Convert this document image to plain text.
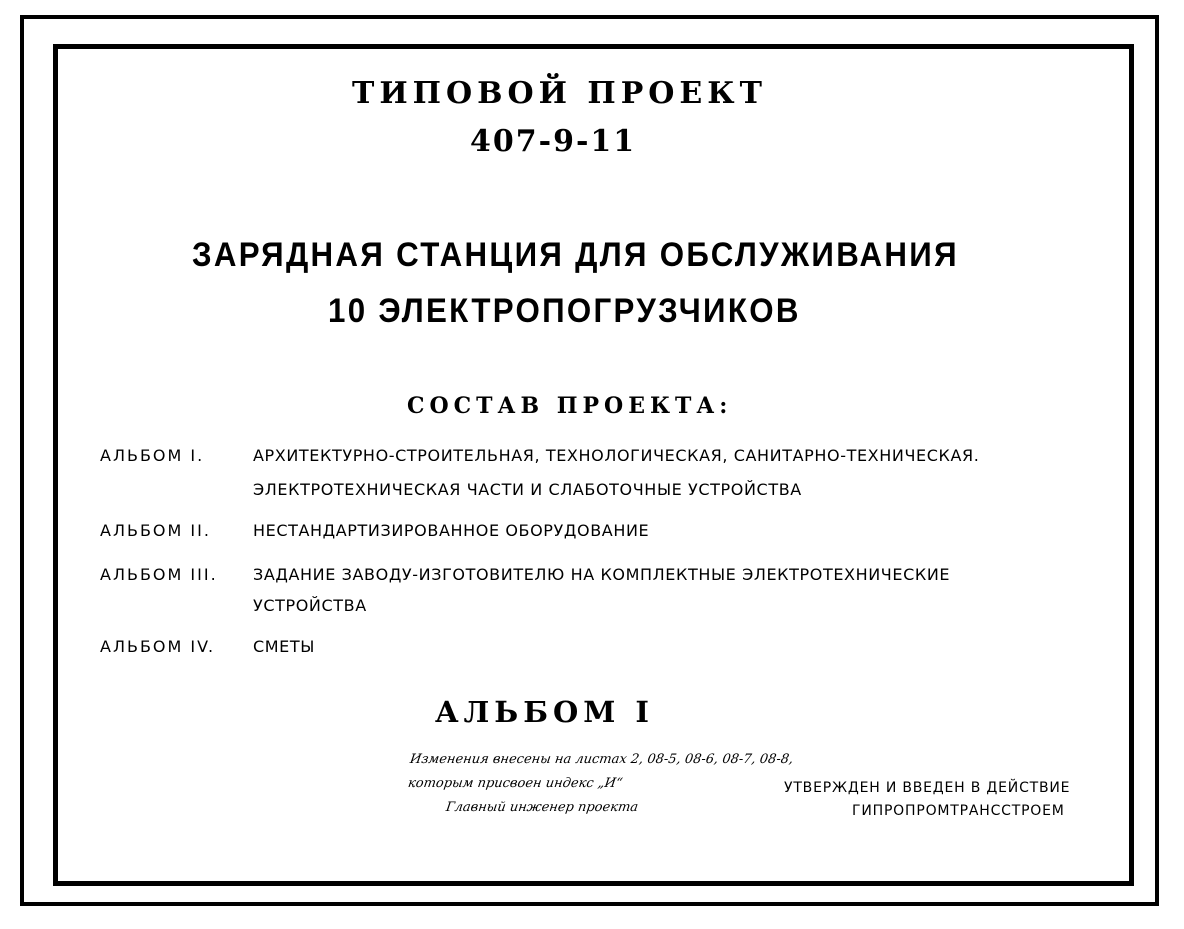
ТИПОВОЙ ПРОЕКТ
407-9-11
ЗАРЯДНАЯ СТАНЦИЯ ДЛЯ ОБСЛУЖИВАНИЯ
10 ЭЛЕКТРОПОГРУЗЧИКОВ
СОСТАВ ПРОЕКТА:
АЛЬБОМ I.	АРХИТЕКТУРНО-СТРОИТЕЛЬНАЯ, ТЕХНОЛОГИЧЕСКАЯ, САНИТАРНО-ТЕХНИЧЕСКАЯ.
ЭЛЕКТРОТЕХНИЧЕСКАЯ ЧАСТИ И СЛАБОТОЧНЫЕ УСТРОЙСТВА
АЛЬБОМ II.	НЕСТАНДАРТИЗИРОВАННОЕ ОБОРУДОВАНИЕ
АЛЬБОМ III. ЗАДАНИЕ ЗАВОДУ-ИЗГОТОВИТЕЛЮ НА КОМПЛЕКТНЫЕ ЭЛЕКТРОТЕХНИЧЕСКИЕ
УСТРОЙСТВА
АЛЬБОМ IV. СМЕТЫ
АЛЬБОМ I
Изменения внесены на листах 2, 08-5, 08-6, 08-7, 08-8,
которым присвоен индекс „И“
Главный инженер проекта
УТВЕРЖДЕН И ВВЕДЕН В ДЕЙСТВИЕ
ГИПРОПРОМТРАНССТРОЕМ
